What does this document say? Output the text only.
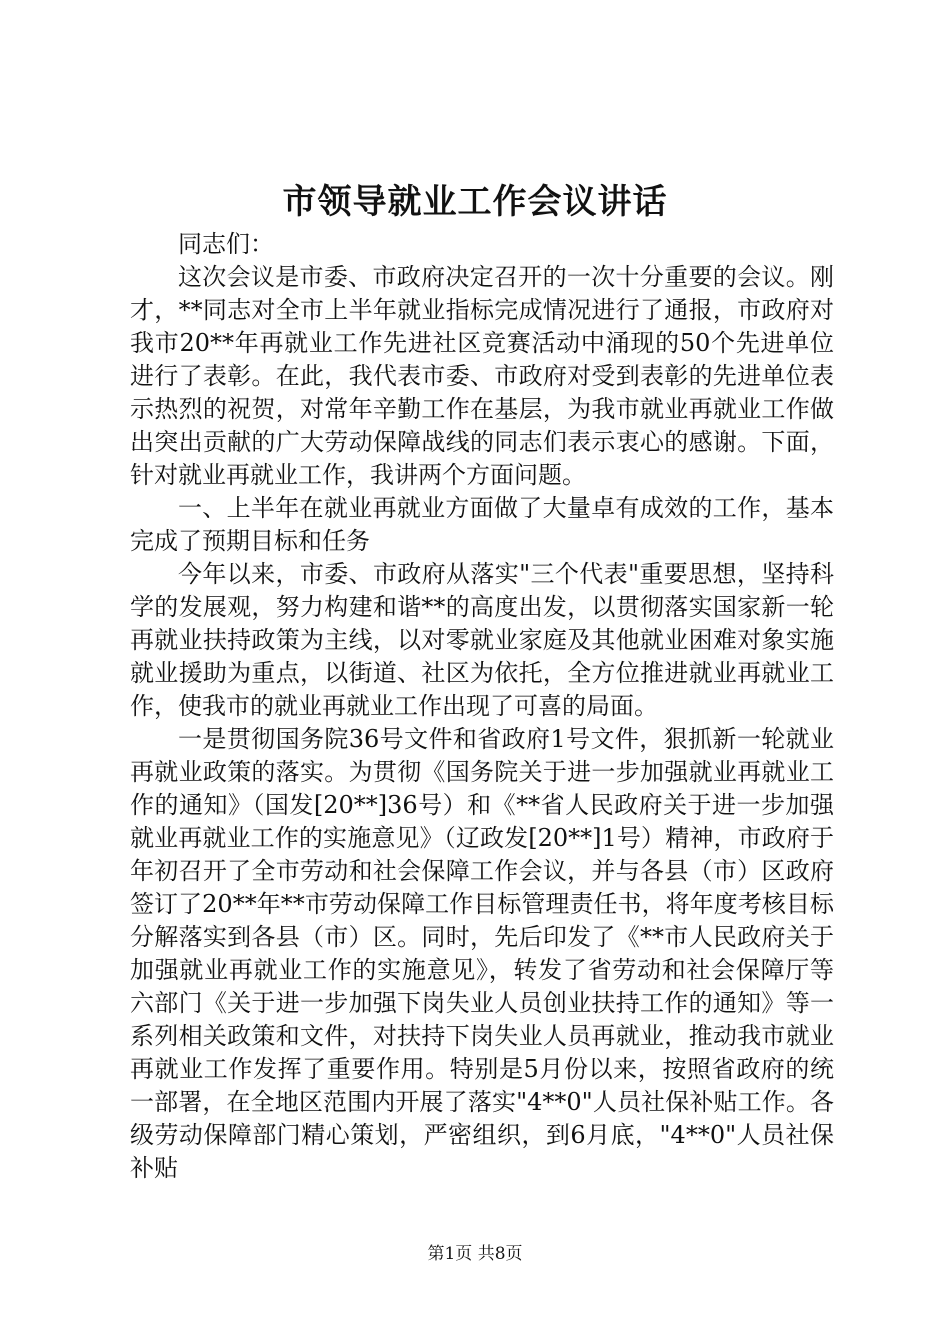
市领导就业工作会议讲话

同志们：

这次会议是市委、市政府决定召开的一次十分重要的会议。刚才，**同志对全市上半年就业指标完成情况进行了通报，市政府对我市20**年再就业工作先进社区竞赛活动中涌现的50个先进单位进行了表彰。在此，我代表市委、市政府对受到表彰的先进单位表示热烈的祝贺，对常年辛勤工作在基层，为我市就业再就业工作做出突出贡献的广大劳动保障战线的同志们表示衷心的感谢。下面，针对就业再就业工作，我讲两个方面问题。

一、上半年在就业再就业方面做了大量卓有成效的工作，基本完成了预期目标和任务

今年以来，市委、市政府从落实"三个代表"重要思想，坚持科学的发展观，努力构建和谐**的高度出发，以贯彻落实国家新一轮再就业扶持政策为主线，以对零就业家庭及其他就业困难对象实施就业援助为重点，以街道、社区为依托，全方位推进就业再就业工作，使我市的就业再就业工作出现了可喜的局面。

一是贯彻国务院36号文件和省政府1号文件，狠抓新一轮就业再就业政策的落实。为贯彻《国务院关于进一步加强就业再就业工作的通知》（国发[20**]36号）和《**省人民政府关于进一步加强就业再就业工作的实施意见》（辽政发[20**]1号）精神，市政府于年初召开了全市劳动和社会保障工作会议，并与各县（市）区政府签订了20**年**市劳动保障工作目标管理责任书，将年度考核目标分解落实到各县（市）区。同时，先后印发了《**市人民政府关于加强就业再就业工作的实施意见》，转发了省劳动和社会保障厅等六部门《关于进一步加强下岗失业人员创业扶持工作的通知》等一系列相关政策和文件，对扶持下岗失业人员再就业，推动我市就业再就业工作发挥了重要作用。特别是5月份以来，按照省政府的统一部署，在全地区范围内开展了落实"4**0"人员社保补贴工作。各级劳动保障部门精心策划，严密组织，到6月底，"4**0"人员社保补贴

第1页 共8页
